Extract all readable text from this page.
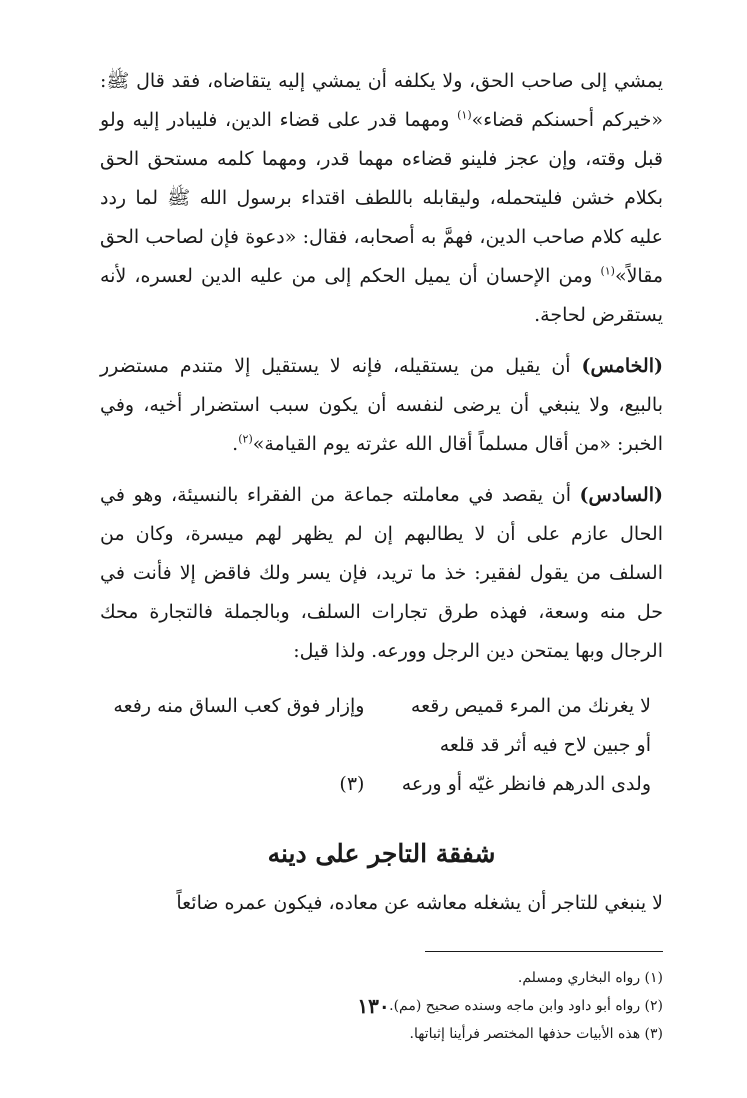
يمشي إلى صاحب الحق، ولا يكلفه أن يمشي إليه يتقاضاه، فقد قال ﷺ: «خيركم أحسنكم قضاء»$^{(١)}$ ومهما قدر على قضاء الدين، فليبادر إليه ولو قبل وقته، وإن عجز فلينو قضاءه مهما قدر، ومهما كلمه مستحق الحق بكلام خشن فليتحمله، وليقابله باللطف اقتداء برسول الله ﷺ لما ردد عليه كلام صاحب الدين، فهمَّ به أصحابه، فقال: «دعوة فإن لصاحب الحق مقالاً»$^{(١)}$ ومن الإحسان أن يميل الحكم إلى من عليه الدين لعسره، لأنه يستقرض لحاجة.

(الخامس) أن يقيل من يستقيله، فإنه لا يستقيل إلا متندم مستضرر بالبيع، ولا ينبغي أن يرضى لنفسه أن يكون سبب استضرار أخيه، وفي الخبر: «من أقال مسلماً أقال الله عثرته يوم القيامة»$^{(٢)}$.

(السادس) أن يقصد في معاملته جماعة من الفقراء بالنسيئة، وهو في الحال عازم على أن لا يطالبهم إن لم يظهر لهم ميسرة، وكان من السلف من يقول لفقير: خذ ما تريد، فإن يسر ولك فاقض إلا فأنت في حل منه وسعة، فهذه طرق تجارات السلف، وبالجملة فالتجارة محك الرجال وبها يمتحن دين الرجل وورعه. ولذا قيل:

لا يغرنك من المرء قميص رقعه
وإزار فوق كعب الساق منه رفعه
أو جبين لاح فيه أثر قد قلعه
ولدى الدرهم فانظر غيّه أو ورعه
(٣)
شفقة التاجر على دينه

لا ينبغي للتاجر أن يشغله معاشه عن معاده، فيكون عمره ضائعاً

(١) رواه البخاري ومسلم.

(٢) رواه أبو داود وابن ماجه وسنده صحيح (مم).

(٣) هذه الأبيات حذفها المختصر فرأينا إثباتها.

١٣٠
